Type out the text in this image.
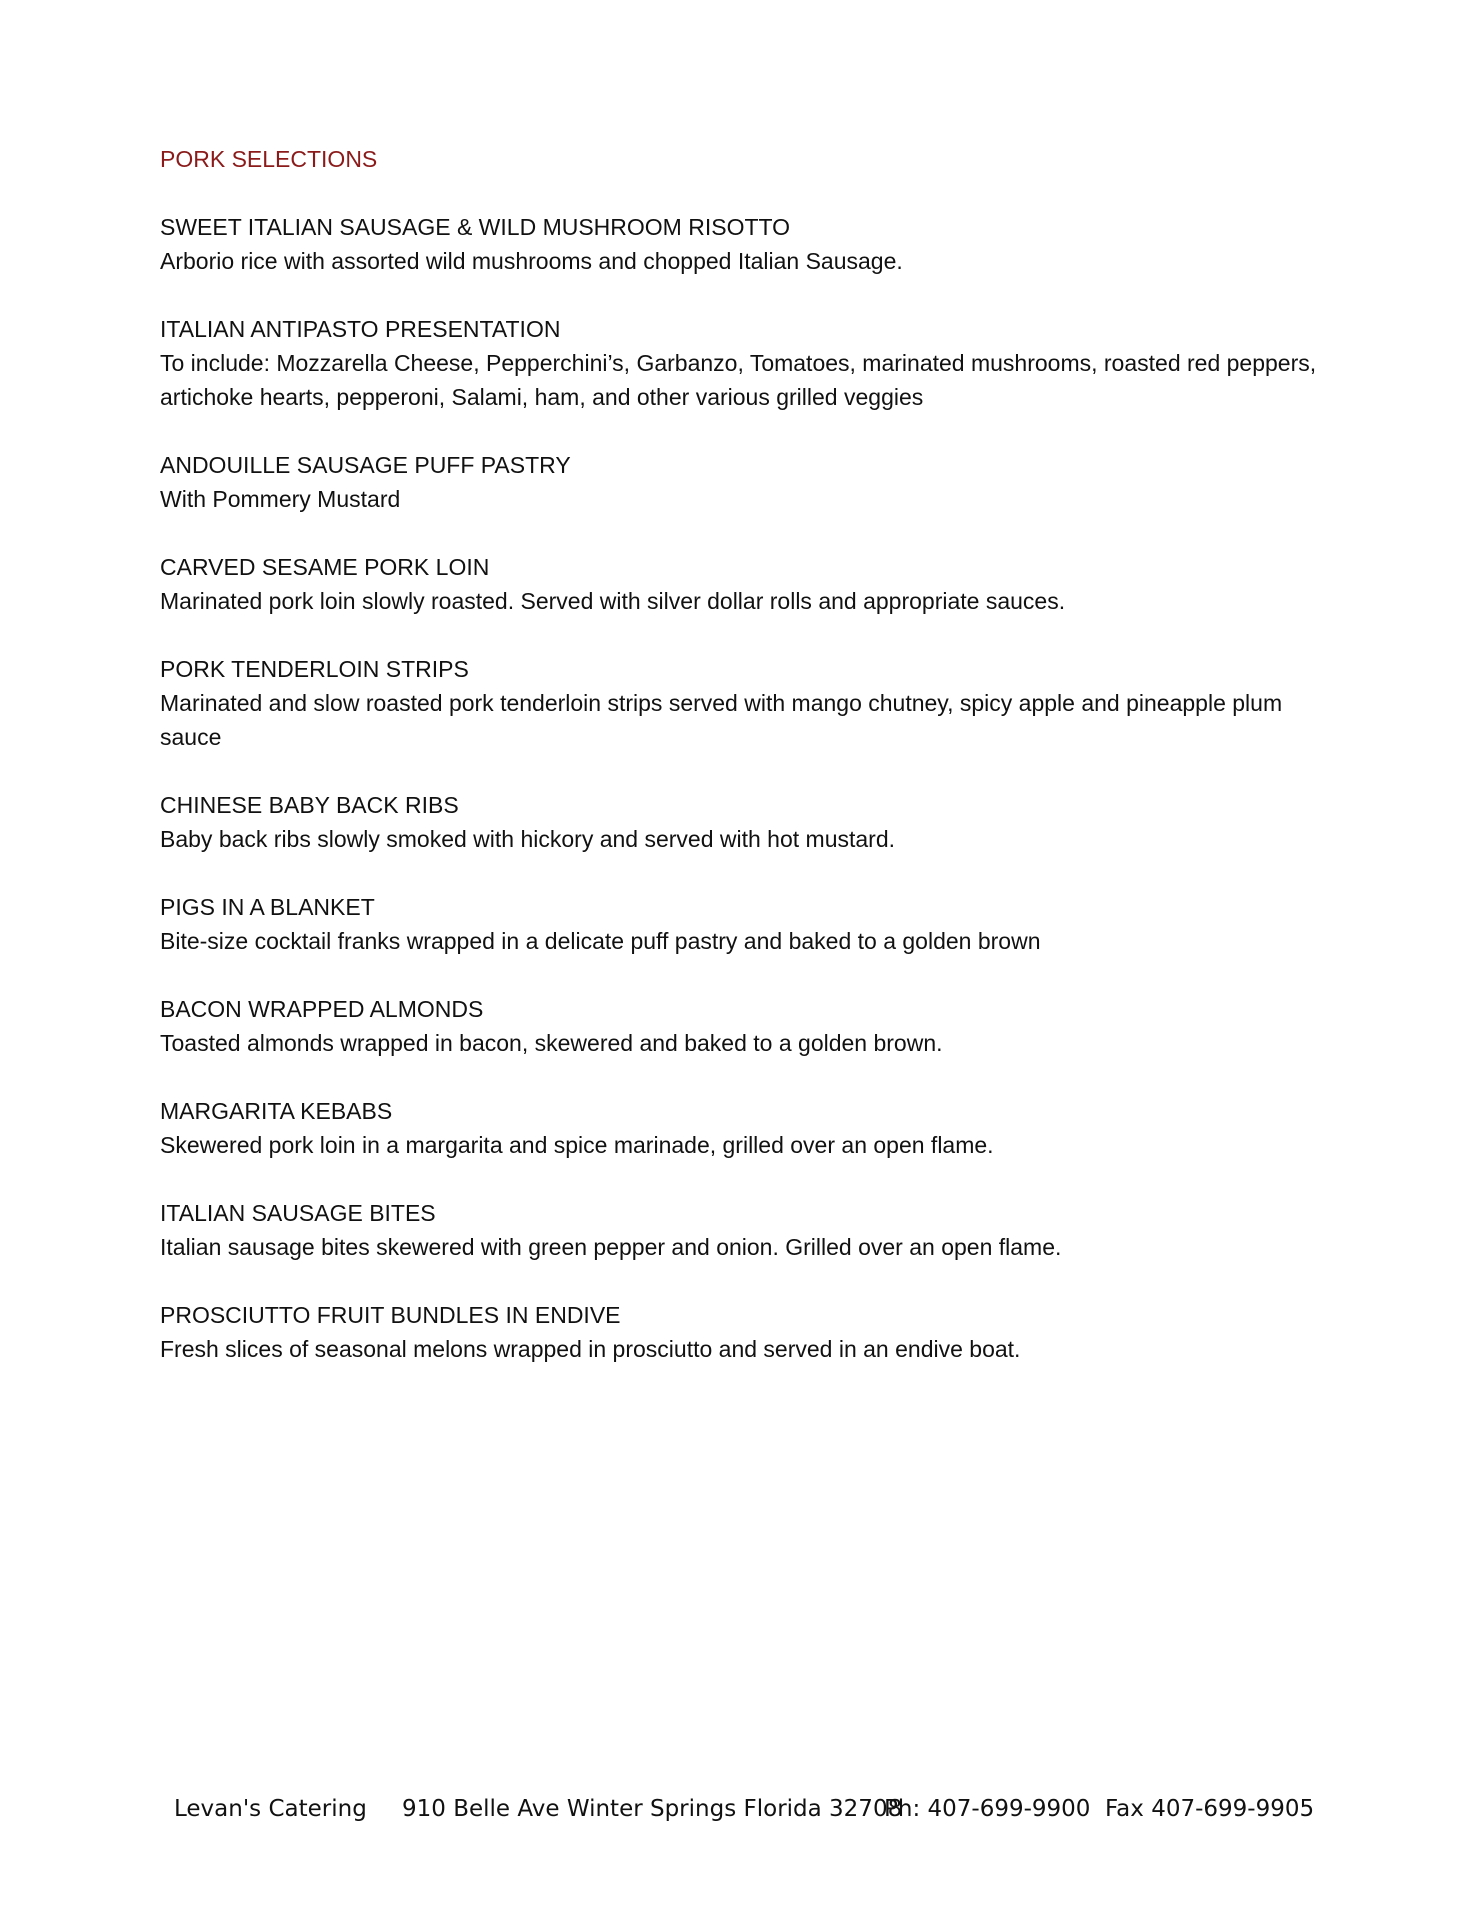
PORK SELECTIONS

SWEET ITALIAN SAUSAGE & WILD MUSHROOM RISOTTO

Arborio rice with assorted wild mushrooms and chopped Italian Sausage.

ITALIAN ANTIPASTO PRESENTATION

To include: Mozzarella Cheese, Pepperchini’s, Garbanzo, Tomatoes, marinated mushrooms, roasted red peppers, artichoke hearts, pepperoni, Salami, ham, and other various grilled veggies

ANDOUILLE SAUSAGE PUFF PASTRY

With Pommery Mustard

CARVED SESAME PORK LOIN

Marinated pork loin slowly roasted. Served with silver dollar rolls and appropriate sauces.

PORK TENDERLOIN STRIPS

Marinated and slow roasted pork tenderloin strips served with mango chutney, spicy apple and pineapple plum sauce

CHINESE BABY BACK RIBS

Baby back ribs slowly smoked with hickory and served with hot mustard.

PIGS IN A BLANKET

Bite-size cocktail franks wrapped in a delicate puff pastry and baked to a golden brown

BACON WRAPPED ALMONDS

Toasted almonds wrapped in bacon, skewered and baked to a golden brown.

MARGARITA KEBABS

Skewered pork loin in a margarita and spice marinade, grilled over an open flame.

ITALIAN SAUSAGE BITES

Italian sausage bites skewered with green pepper and onion. Grilled over an open flame.

PROSCIUTTO FRUIT BUNDLES IN ENDIVE

Fresh slices of seasonal melons wrapped in prosciutto and served in an endive boat.

Levan's Catering 910 Belle Ave Winter Springs Florida 32708Ph: 407-699-9900  Fax 407-699-9905
